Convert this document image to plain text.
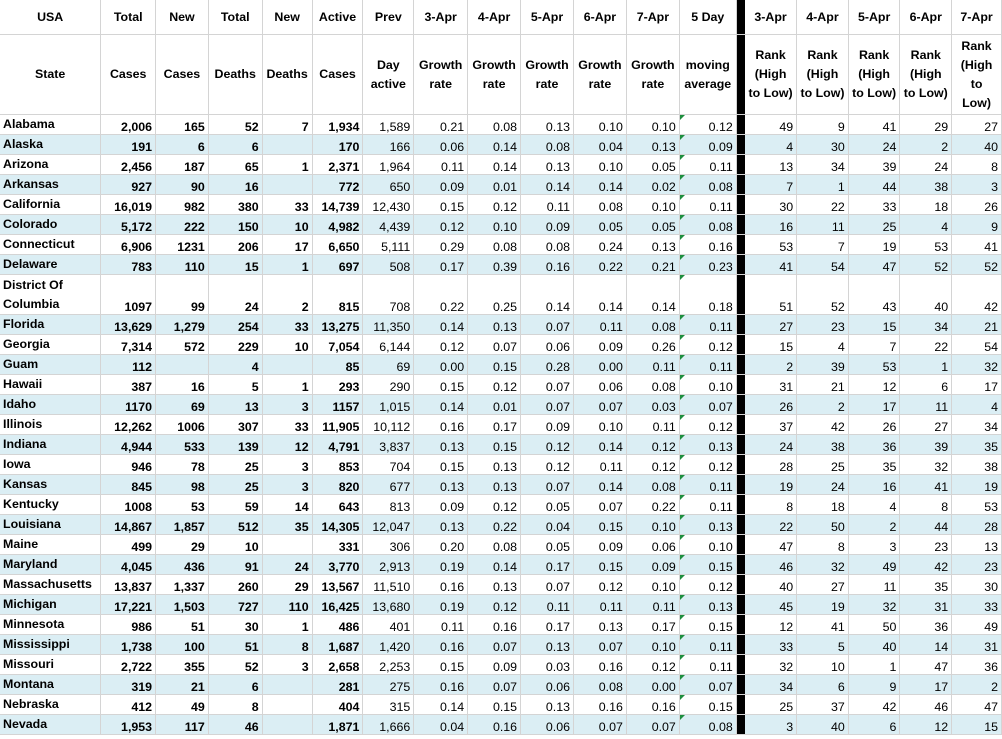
USA	Total	New	Total	New	Active	Prev	3-Apr	4-Apr	5-Apr	6-Apr	7-Apr	5 Day		3-Apr	4-Apr	5-Apr	6-Apr	7-Apr
State	Cases	Cases	Deaths	Deaths	Cases	Day active	Growth rate	Growth rate	Growth rate	Growth rate	Growth rate	moving average		Rank (High to Low)	Rank (High to Low)	Rank (High to Low)	Rank (High to Low)	Rank (High to Low)
Alabama	2,006	165	52	7	1,934	1,589	0.21	0.08	0.13	0.10	0.10	0.12		49	9	41	29	27
Alaska	191	6	6		170	166	0.06	0.14	0.08	0.04	0.13	0.09		4	30	24	2	40
Arizona	2,456	187	65	1	2,371	1,964	0.11	0.14	0.13	0.10	0.05	0.11		13	34	39	24	8
Arkansas	927	90	16		772	650	0.09	0.01	0.14	0.14	0.02	0.08		7	1	44	38	3
California	16,019	982	380	33	14,739	12,430	0.15	0.12	0.11	0.08	0.10	0.11		30	22	33	18	26
Colorado	5,172	222	150	10	4,982	4,439	0.12	0.10	0.09	0.05	0.05	0.08		16	11	25	4	9
Connecticut	6,906	1231	206	17	6,650	5,111	0.29	0.08	0.08	0.24	0.13	0.16		53	7	19	53	41
Delaware	783	110	15	1	697	508	0.17	0.39	0.16	0.22	0.21	0.23		41	54	47	52	52
District Of Columbia	1097	99	24	2	815	708	0.22	0.25	0.14	0.14	0.14	0.18		51	52	43	40	42
Florida	13,629	1,279	254	33	13,275	11,350	0.14	0.13	0.07	0.11	0.08	0.11		27	23	15	34	21
Georgia	7,314	572	229	10	7,054	6,144	0.12	0.07	0.06	0.09	0.26	0.12		15	4	7	22	54
Guam	112		4		85	69	0.00	0.15	0.28	0.00	0.11	0.11		2	39	53	1	32
Hawaii	387	16	5	1	293	290	0.15	0.12	0.07	0.06	0.08	0.10		31	21	12	6	17
Idaho	1170	69	13	3	1157	1,015	0.14	0.01	0.07	0.07	0.03	0.07		26	2	17	11	4
Illinois	12,262	1006	307	33	11,905	10,112	0.16	0.17	0.09	0.10	0.11	0.12		37	42	26	27	34
Indiana	4,944	533	139	12	4,791	3,837	0.13	0.15	0.12	0.14	0.12	0.13		24	38	36	39	35
Iowa	946	78	25	3	853	704	0.15	0.13	0.12	0.11	0.12	0.12		28	25	35	32	38
Kansas	845	98	25	3	820	677	0.13	0.13	0.07	0.14	0.08	0.11		19	24	16	41	19
Kentucky	1008	53	59	14	643	813	0.09	0.12	0.05	0.07	0.22	0.11		8	18	4	8	53
Louisiana	14,867	1,857	512	35	14,305	12,047	0.13	0.22	0.04	0.15	0.10	0.13		22	50	2	44	28
Maine	499	29	10		331	306	0.20	0.08	0.05	0.09	0.06	0.10		47	8	3	23	13
Maryland	4,045	436	91	24	3,770	2,913	0.19	0.14	0.17	0.15	0.09	0.15		46	32	49	42	23
Massachusetts	13,837	1,337	260	29	13,567	11,510	0.16	0.13	0.07	0.12	0.10	0.12		40	27	11	35	30
Michigan	17,221	1,503	727	110	16,425	13,680	0.19	0.12	0.11	0.11	0.11	0.13		45	19	32	31	33
Minnesota	986	51	30	1	486	401	0.11	0.16	0.17	0.13	0.17	0.15		12	41	50	36	49
Mississippi	1,738	100	51	8	1,687	1,420	0.16	0.07	0.13	0.07	0.10	0.11		33	5	40	14	31
Missouri	2,722	355	52	3	2,658	2,253	0.15	0.09	0.03	0.16	0.12	0.11		32	10	1	47	36
Montana	319	21	6		281	275	0.16	0.07	0.06	0.08	0.00	0.07		34	6	9	17	2
Nebraska	412	49	8		404	315	0.14	0.15	0.13	0.16	0.16	0.15		25	37	42	46	47
Nevada	1,953	117	46		1,871	1,666	0.04	0.16	0.06	0.07	0.07	0.08		3	40	6	12	15
